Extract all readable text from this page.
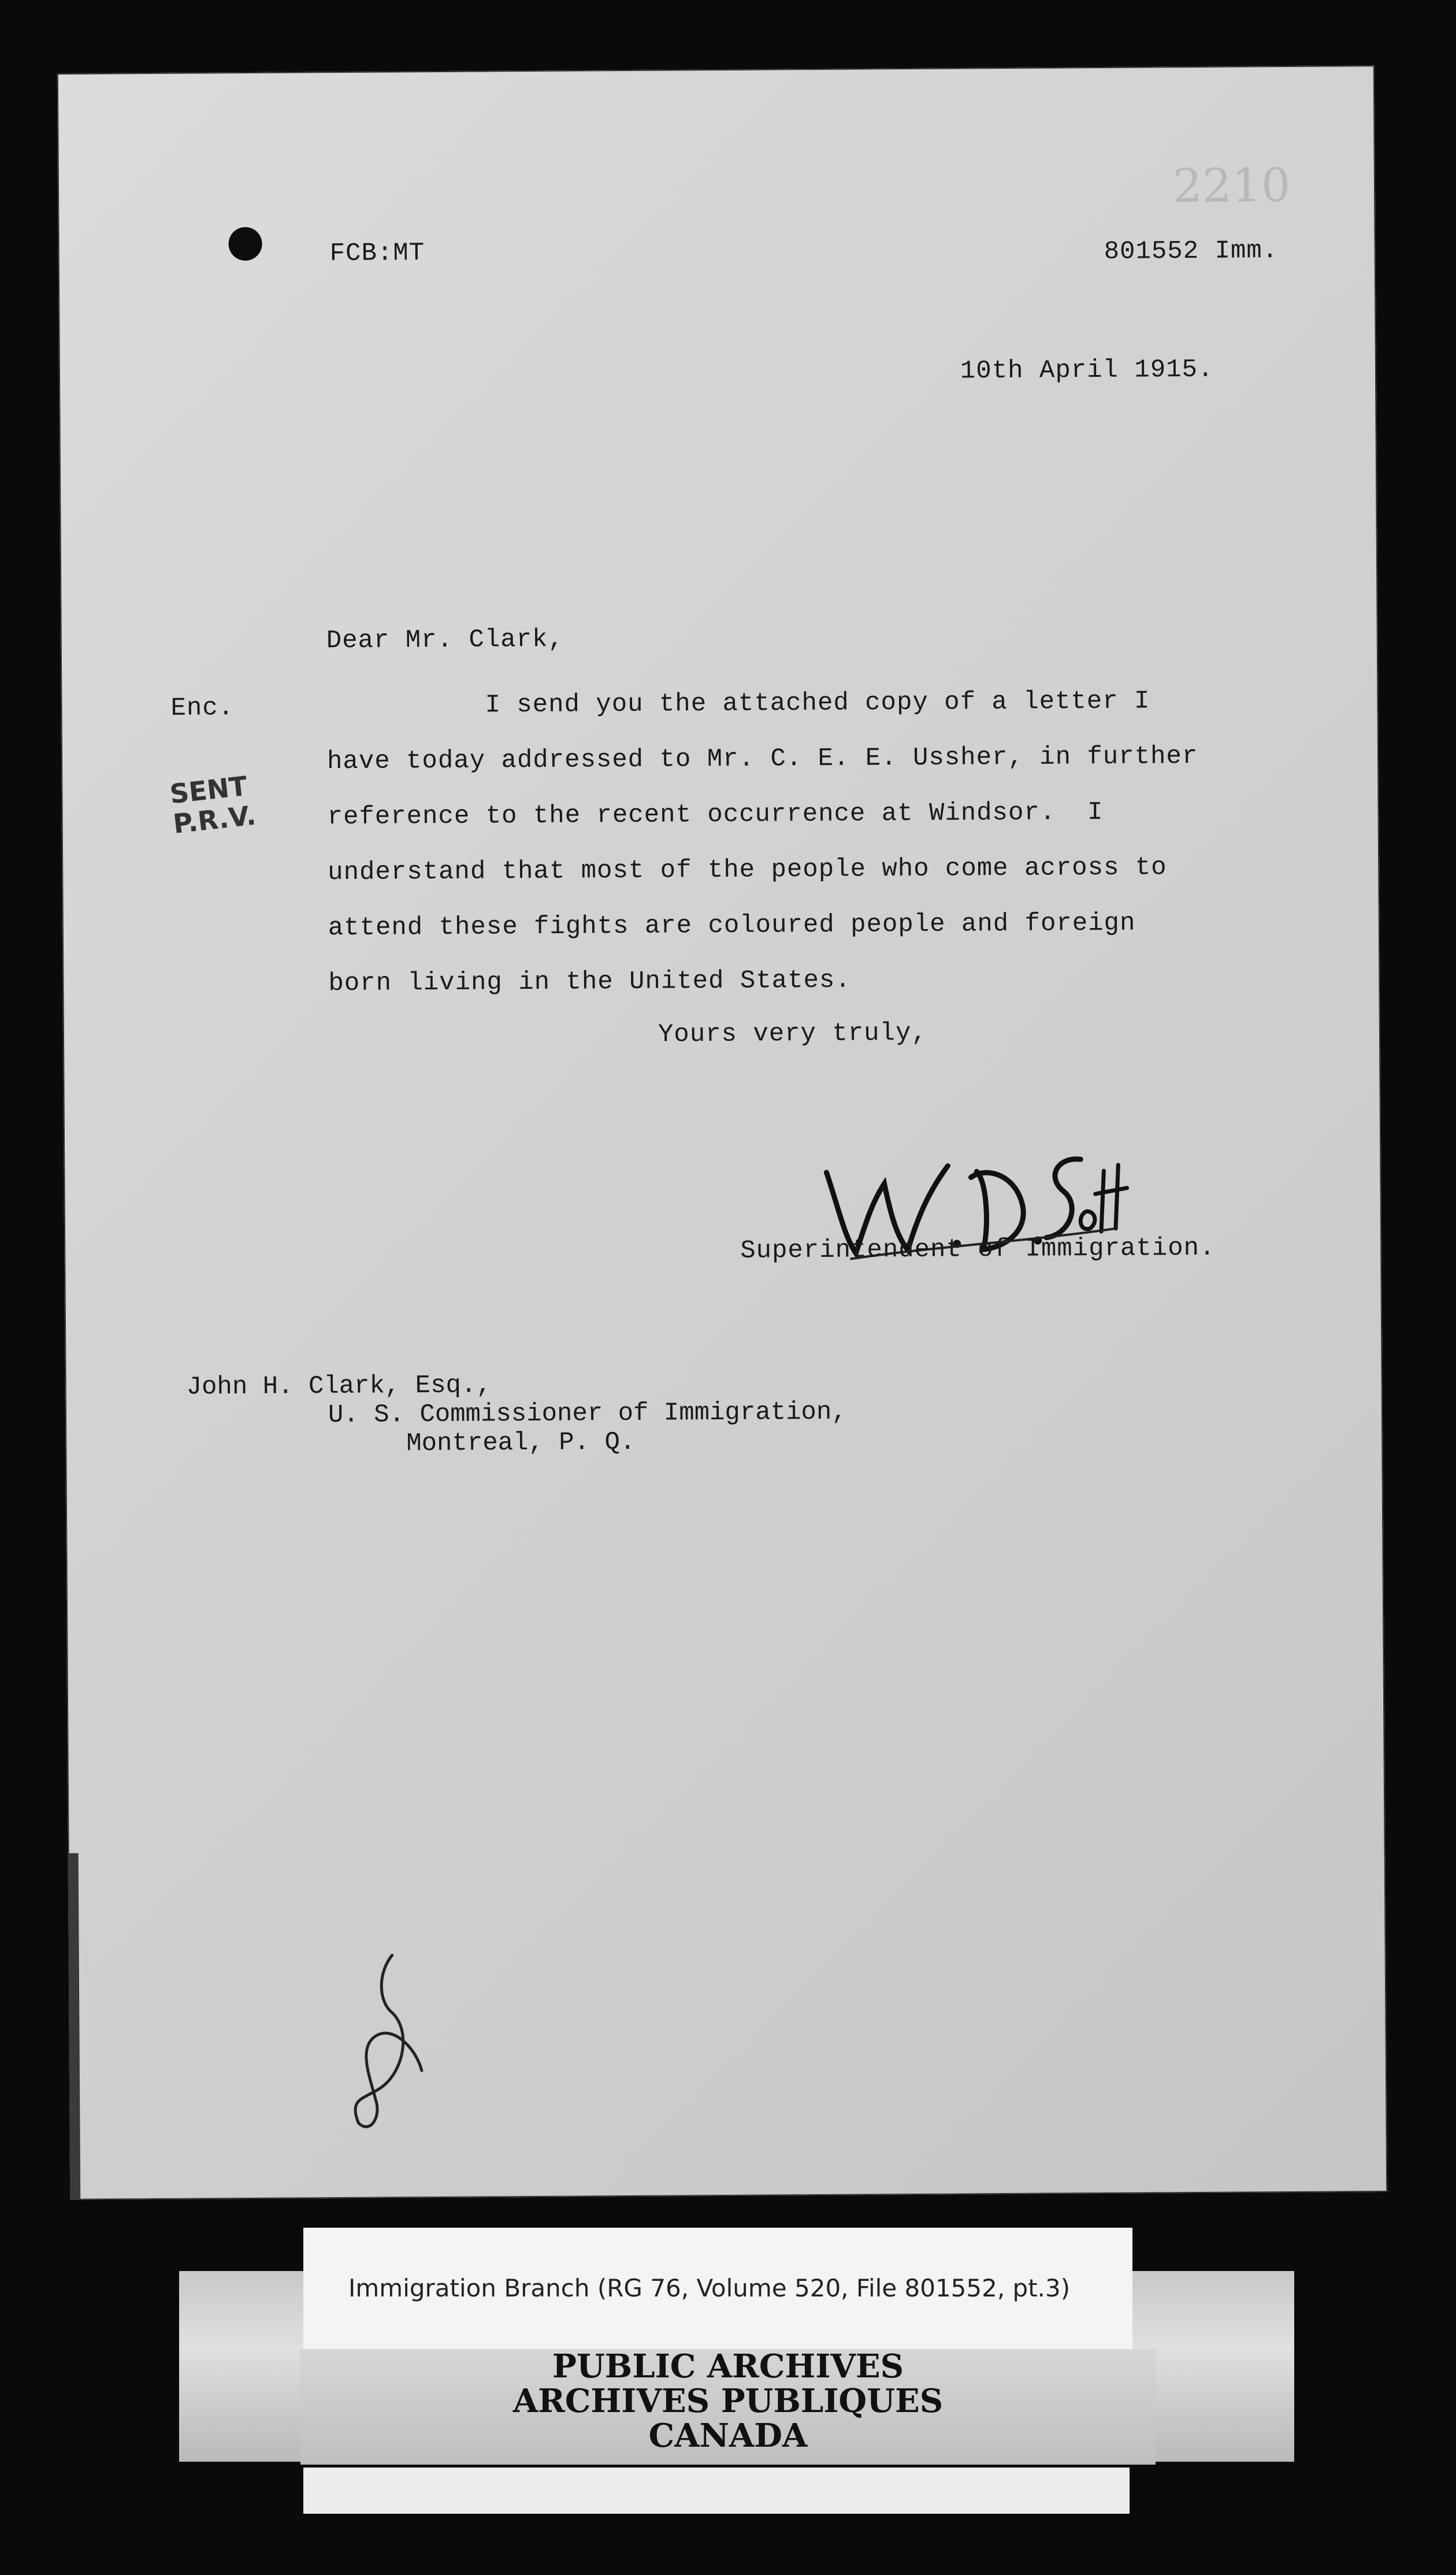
2210
FCB:MT	801552 Imm.
10th April 1915.
Dear Mr. Clark,
Enc.
SENT
P.R.V.
I send you the attached copy of a letter I
have today addressed to Mr. C. E. E. Ussher, in further
reference to the recent occurrence at Windsor.  I
understand that most of the people who come across to
attend these fights are coloured people and foreign
born living in the United States.
Yours very truly,
Superintendent of Immigration.
John H. Clark, Esq.,
U. S. Commissioner of Immigration,
Montreal, P. Q.
Immigration Branch (RG 76, Volume 520, File 801552, pt.3)
PUBLIC ARCHIVES
ARCHIVES PUBLIQUES
CANADA
